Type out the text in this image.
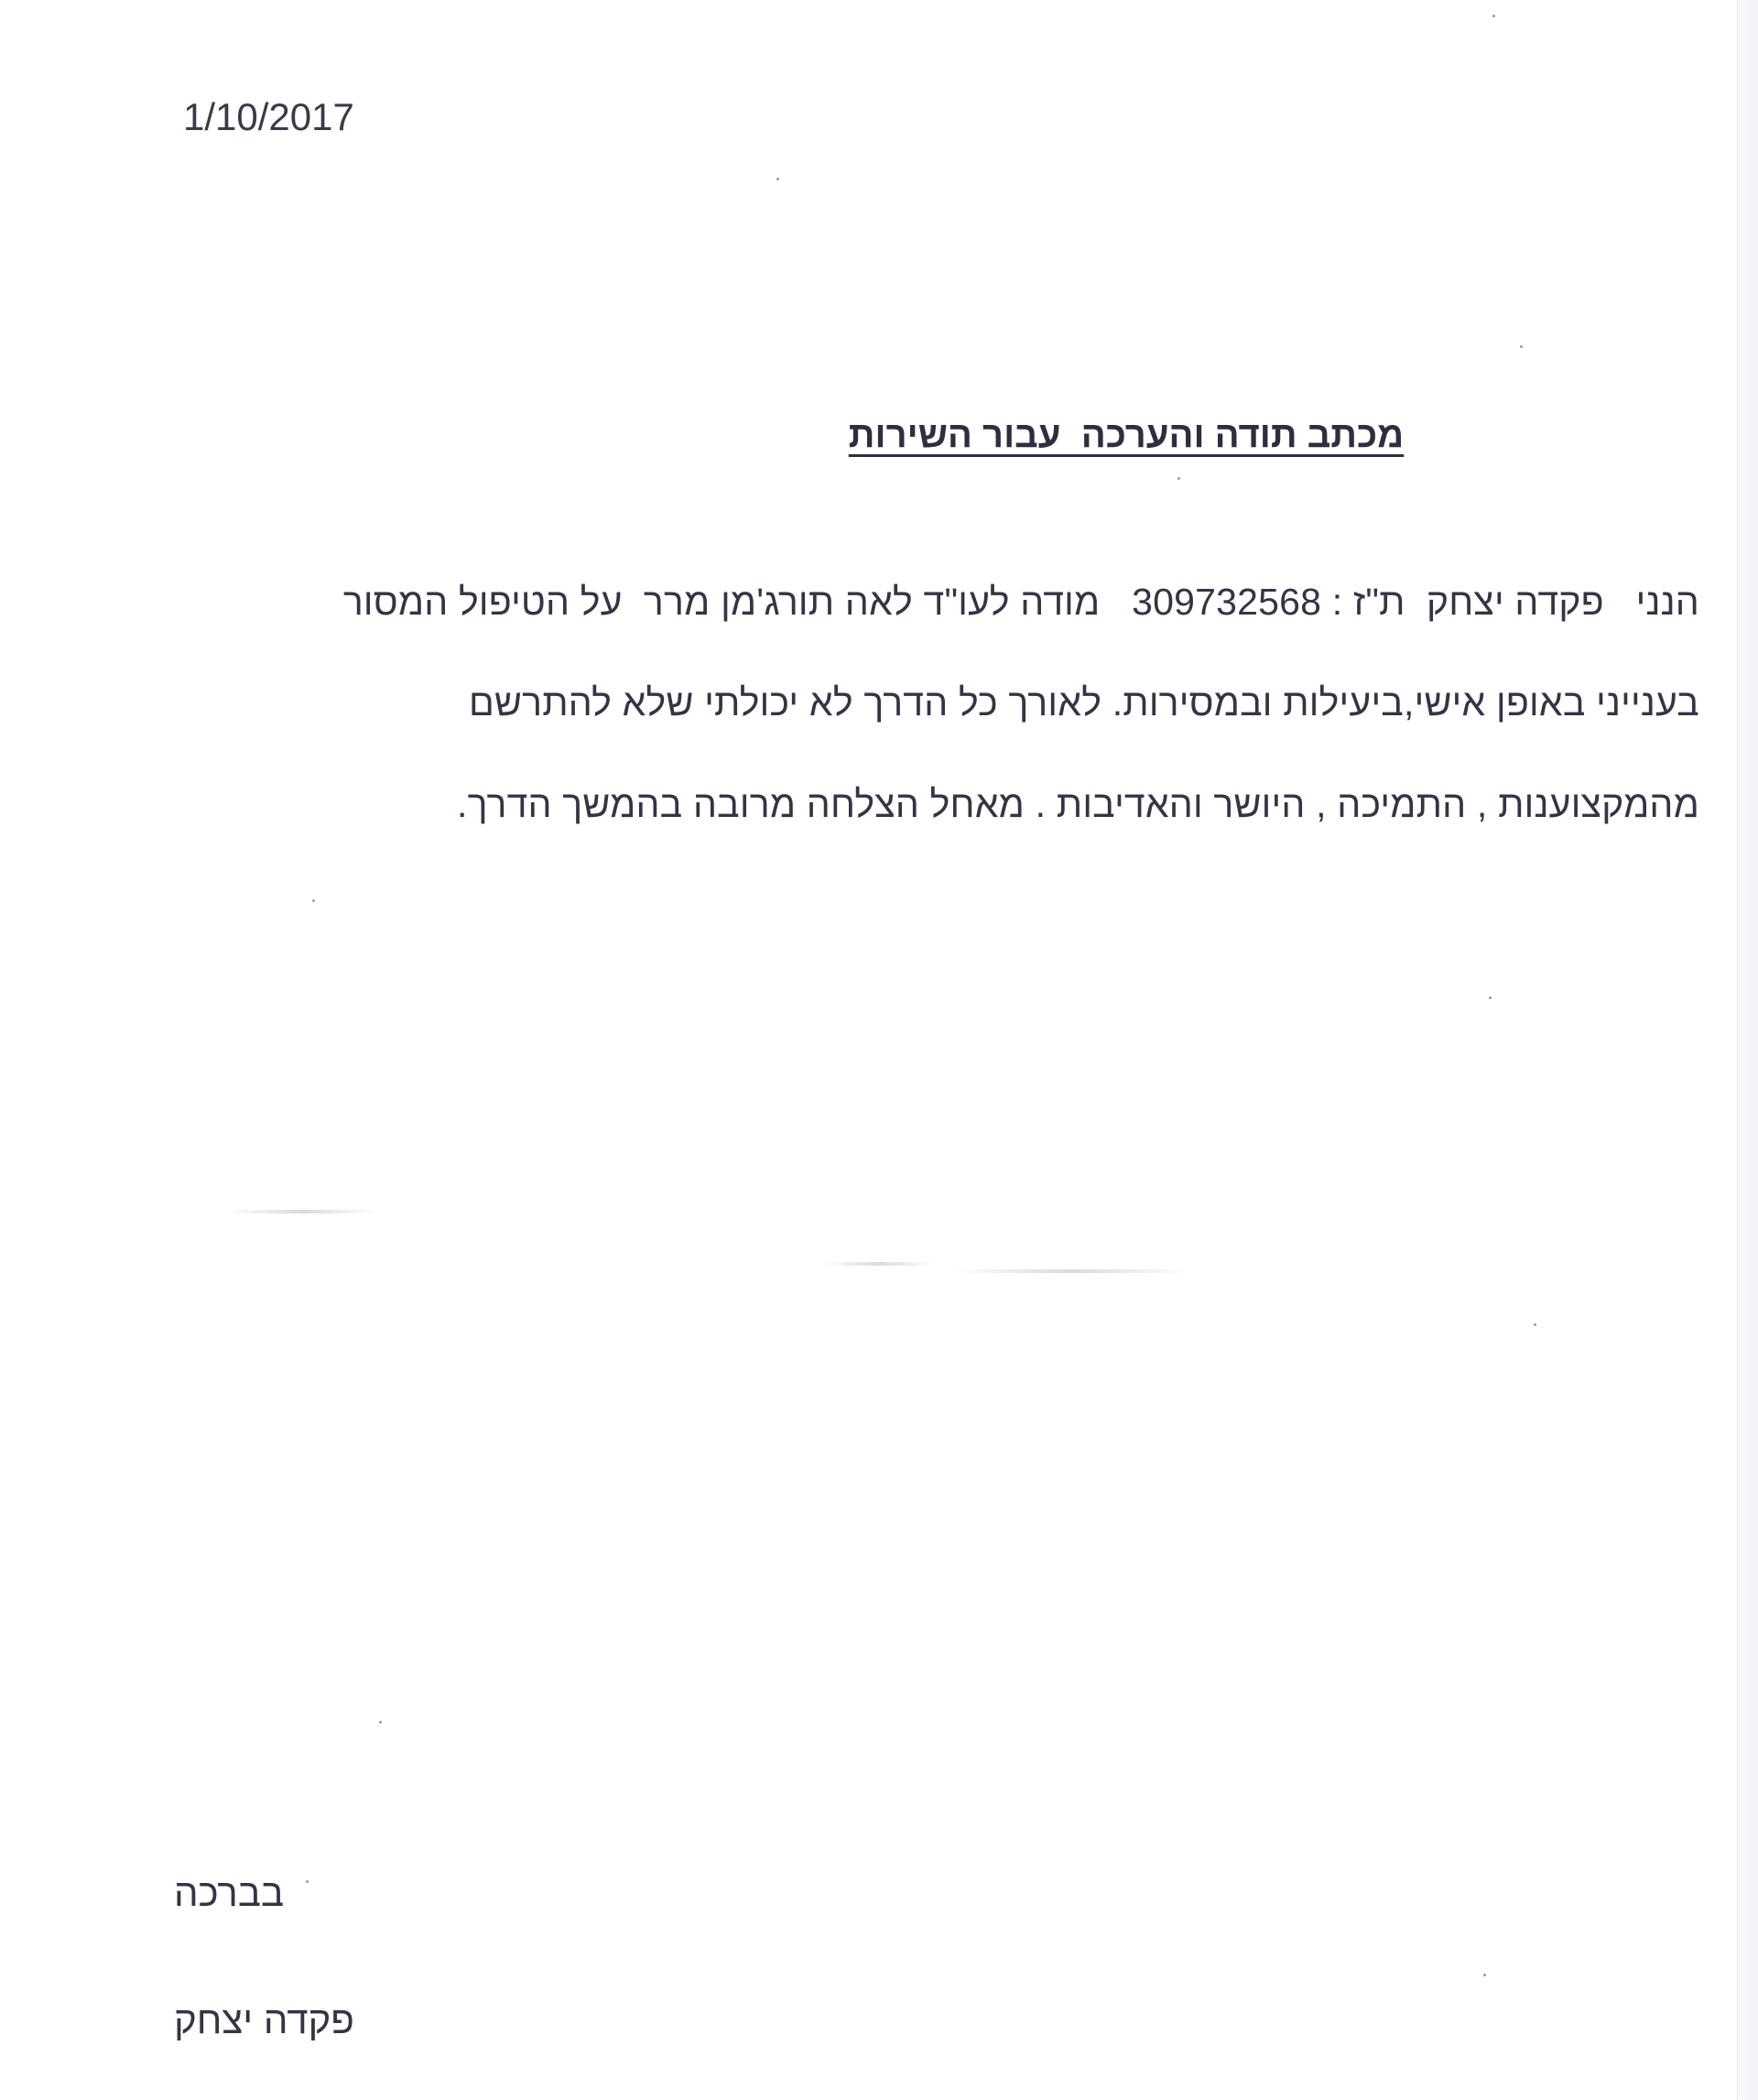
1/10/2017
מכתב תודה והערכה  עבור השירות
הנני   פקדה יצחק  ת"ז : 309732568   מודה לעו"ד לאה תורג'מן מרר  על הטיפול המסור
בענייני באופן אישי,ביעילות ובמסירות. לאורך כל הדרך לא יכולתי שלא להתרשם
מהמקצוענות , התמיכה , היושר והאדיבות . מאחל הצלחה מרובה בהמשך הדרך.
בברכה
פקדה יצחק
